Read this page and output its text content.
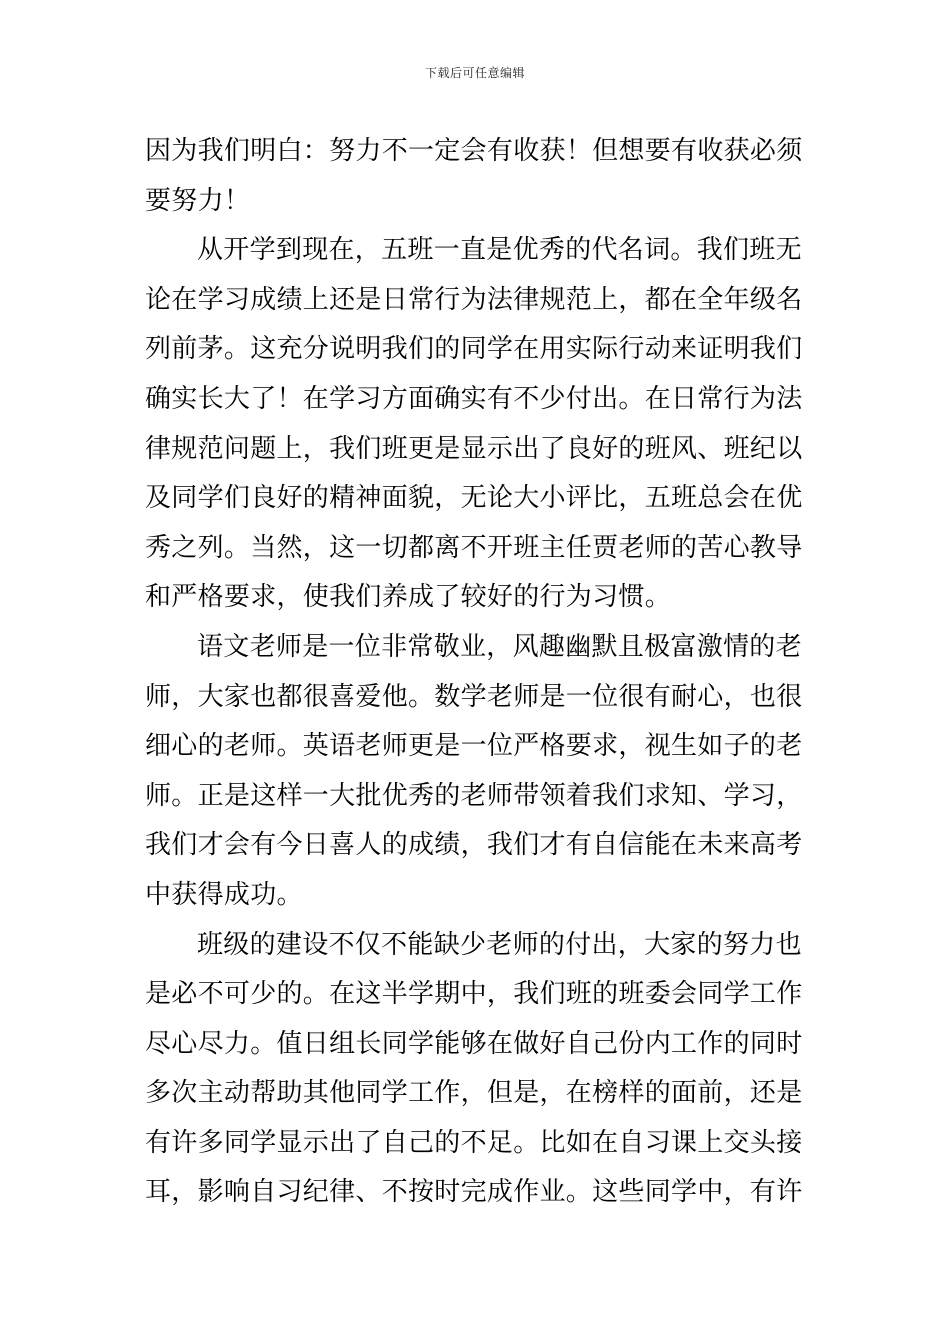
下载后可任意编辑
因为我们明白：努力不一定会有收获！但想要有收获必须
要努力！
从开学到现在，五班一直是优秀的代名词。我们班无
论在学习成绩上还是日常行为法律规范上，都在全年级名
列前茅。这充分说明我们的同学在用实际行动来证明我们
确实长大了！在学习方面确实有不少付出。在日常行为法
律规范问题上，我们班更是显示出了良好的班风、班纪以
及同学们良好的精神面貌，无论大小评比，五班总会在优
秀之列。当然，这一切都离不开班主任贾老师的苦心教导
和严格要求，使我们养成了较好的行为习惯。
语文老师是一位非常敬业，风趣幽默且极富激情的老
师，大家也都很喜爱他。数学老师是一位很有耐心，也很
细心的老师。英语老师更是一位严格要求，视生如子的老
师。正是这样一大批优秀的老师带领着我们求知、学习，
我们才会有今日喜人的成绩，我们才有自信能在未来高考
中获得成功。
班级的建设不仅不能缺少老师的付出，大家的努力也
是必不可少的。在这半学期中，我们班的班委会同学工作
尽心尽力。值日组长同学能够在做好自己份内工作的同时
多次主动帮助其他同学工作，但是，在榜样的面前，还是
有许多同学显示出了自己的不足。比如在自习课上交头接
耳，影响自习纪律、不按时完成作业。这些同学中，有许
